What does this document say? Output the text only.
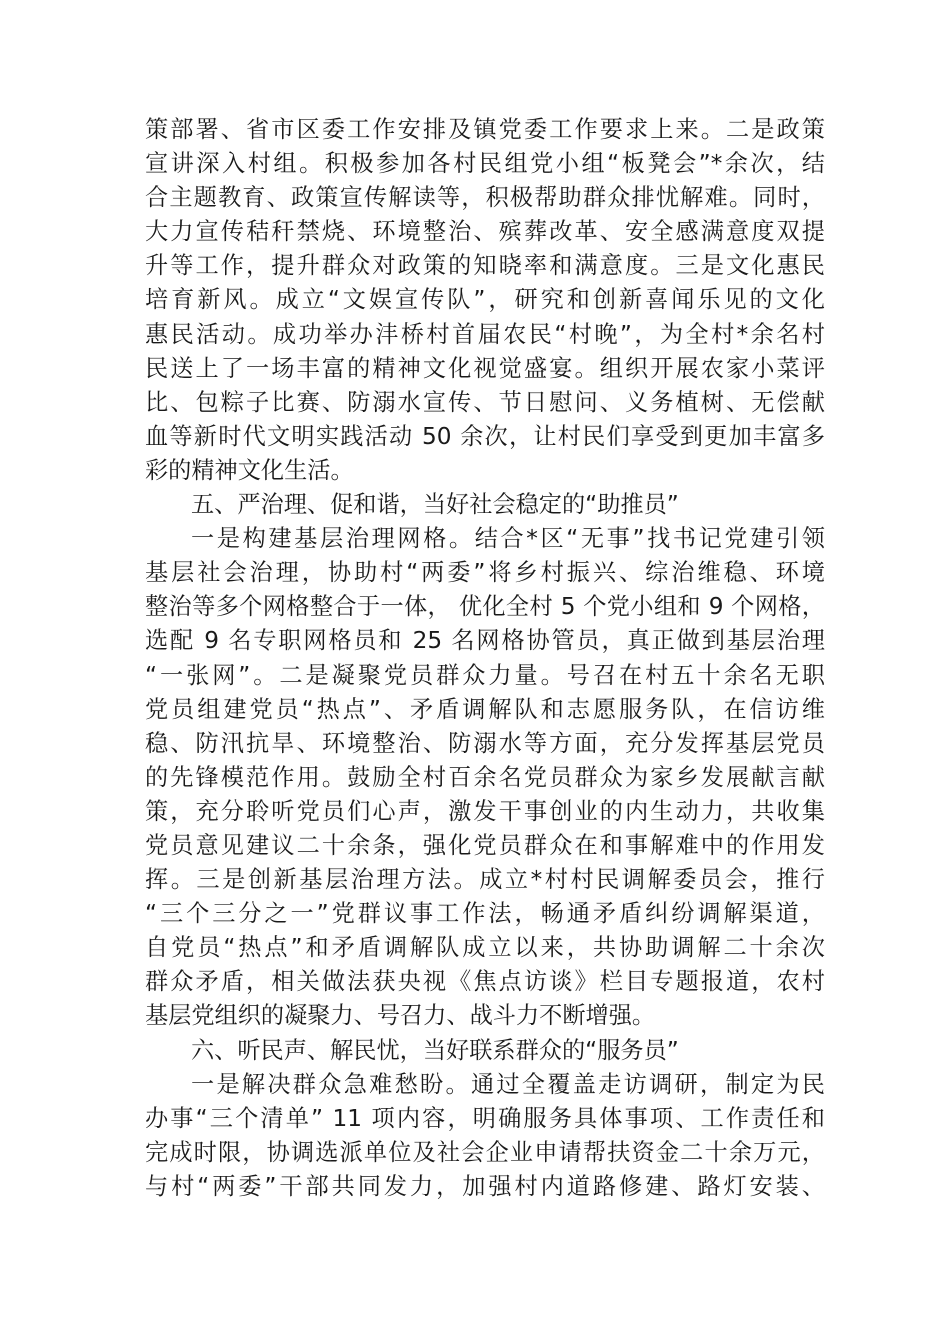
策部署、省市区委工作安排及镇党委工作要求上来。二是政策
宣讲深入村组。积极参加各村民组党小组“板凳会”*余次，结
合主题教育、政策宣传解读等，积极帮助群众排忧解难。同时，
大力宣传秸秆禁烧、环境整治、殡葬改革、安全感满意度双提
升等工作，提升群众对政策的知晓率和满意度。三是文化惠民
培育新风。成立“文娱宣传队”，研究和创新喜闻乐见的文化
惠民活动。成功举办沣桥村首届农民“村晚”，为全村*余名村
民送上了一场丰富的精神文化视觉盛宴。组织开展农家小菜评
比、包粽子比赛、防溺水宣传、节日慰问、义务植树、无偿献
血等新时代文明实践活动 50 余次，让村民们享受到更加丰富多
彩的精神文化生活。
五、严治理、促和谐，当好社会稳定的“助推员”
一是构建基层治理网格。结合*区“无事”找书记党建引领
基层社会治理，协助村“两委”将乡村振兴、综治维稳、环境
整治等多个网格整合于一体， 优化全村 5 个党小组和 9 个网格，
选配 9 名专职网格员和 25 名网格协管员，真正做到基层治理
“一张网”。二是凝聚党员群众力量。号召在村五十余名无职
党员组建党员“热点”、矛盾调解队和志愿服务队，在信访维
稳、防汛抗旱、环境整治、防溺水等方面，充分发挥基层党员
的先锋模范作用。鼓励全村百余名党员群众为家乡发展献言献
策，充分聆听党员们心声，激发干事创业的内生动力，共收集
党员意见建议二十余条，强化党员群众在和事解难中的作用发
挥。三是创新基层治理方法。成立*村村民调解委员会，推行
“三个三分之一”党群议事工作法，畅通矛盾纠纷调解渠道，
自党员“热点”和矛盾调解队成立以来，共协助调解二十余次
群众矛盾，相关做法获央视《焦点访谈》栏目专题报道，农村
基层党组织的凝聚力、号召力、战斗力不断增强。
六、听民声、解民忧，当好联系群众的“服务员”
一是解决群众急难愁盼。通过全覆盖走访调研，制定为民
办事“三个清单” 11 项内容，明确服务具体事项、工作责任和
完成时限，协调选派单位及社会企业申请帮扶资金二十余万元，
与村“两委”干部共同发力，加强村内道路修建、路灯安装、
